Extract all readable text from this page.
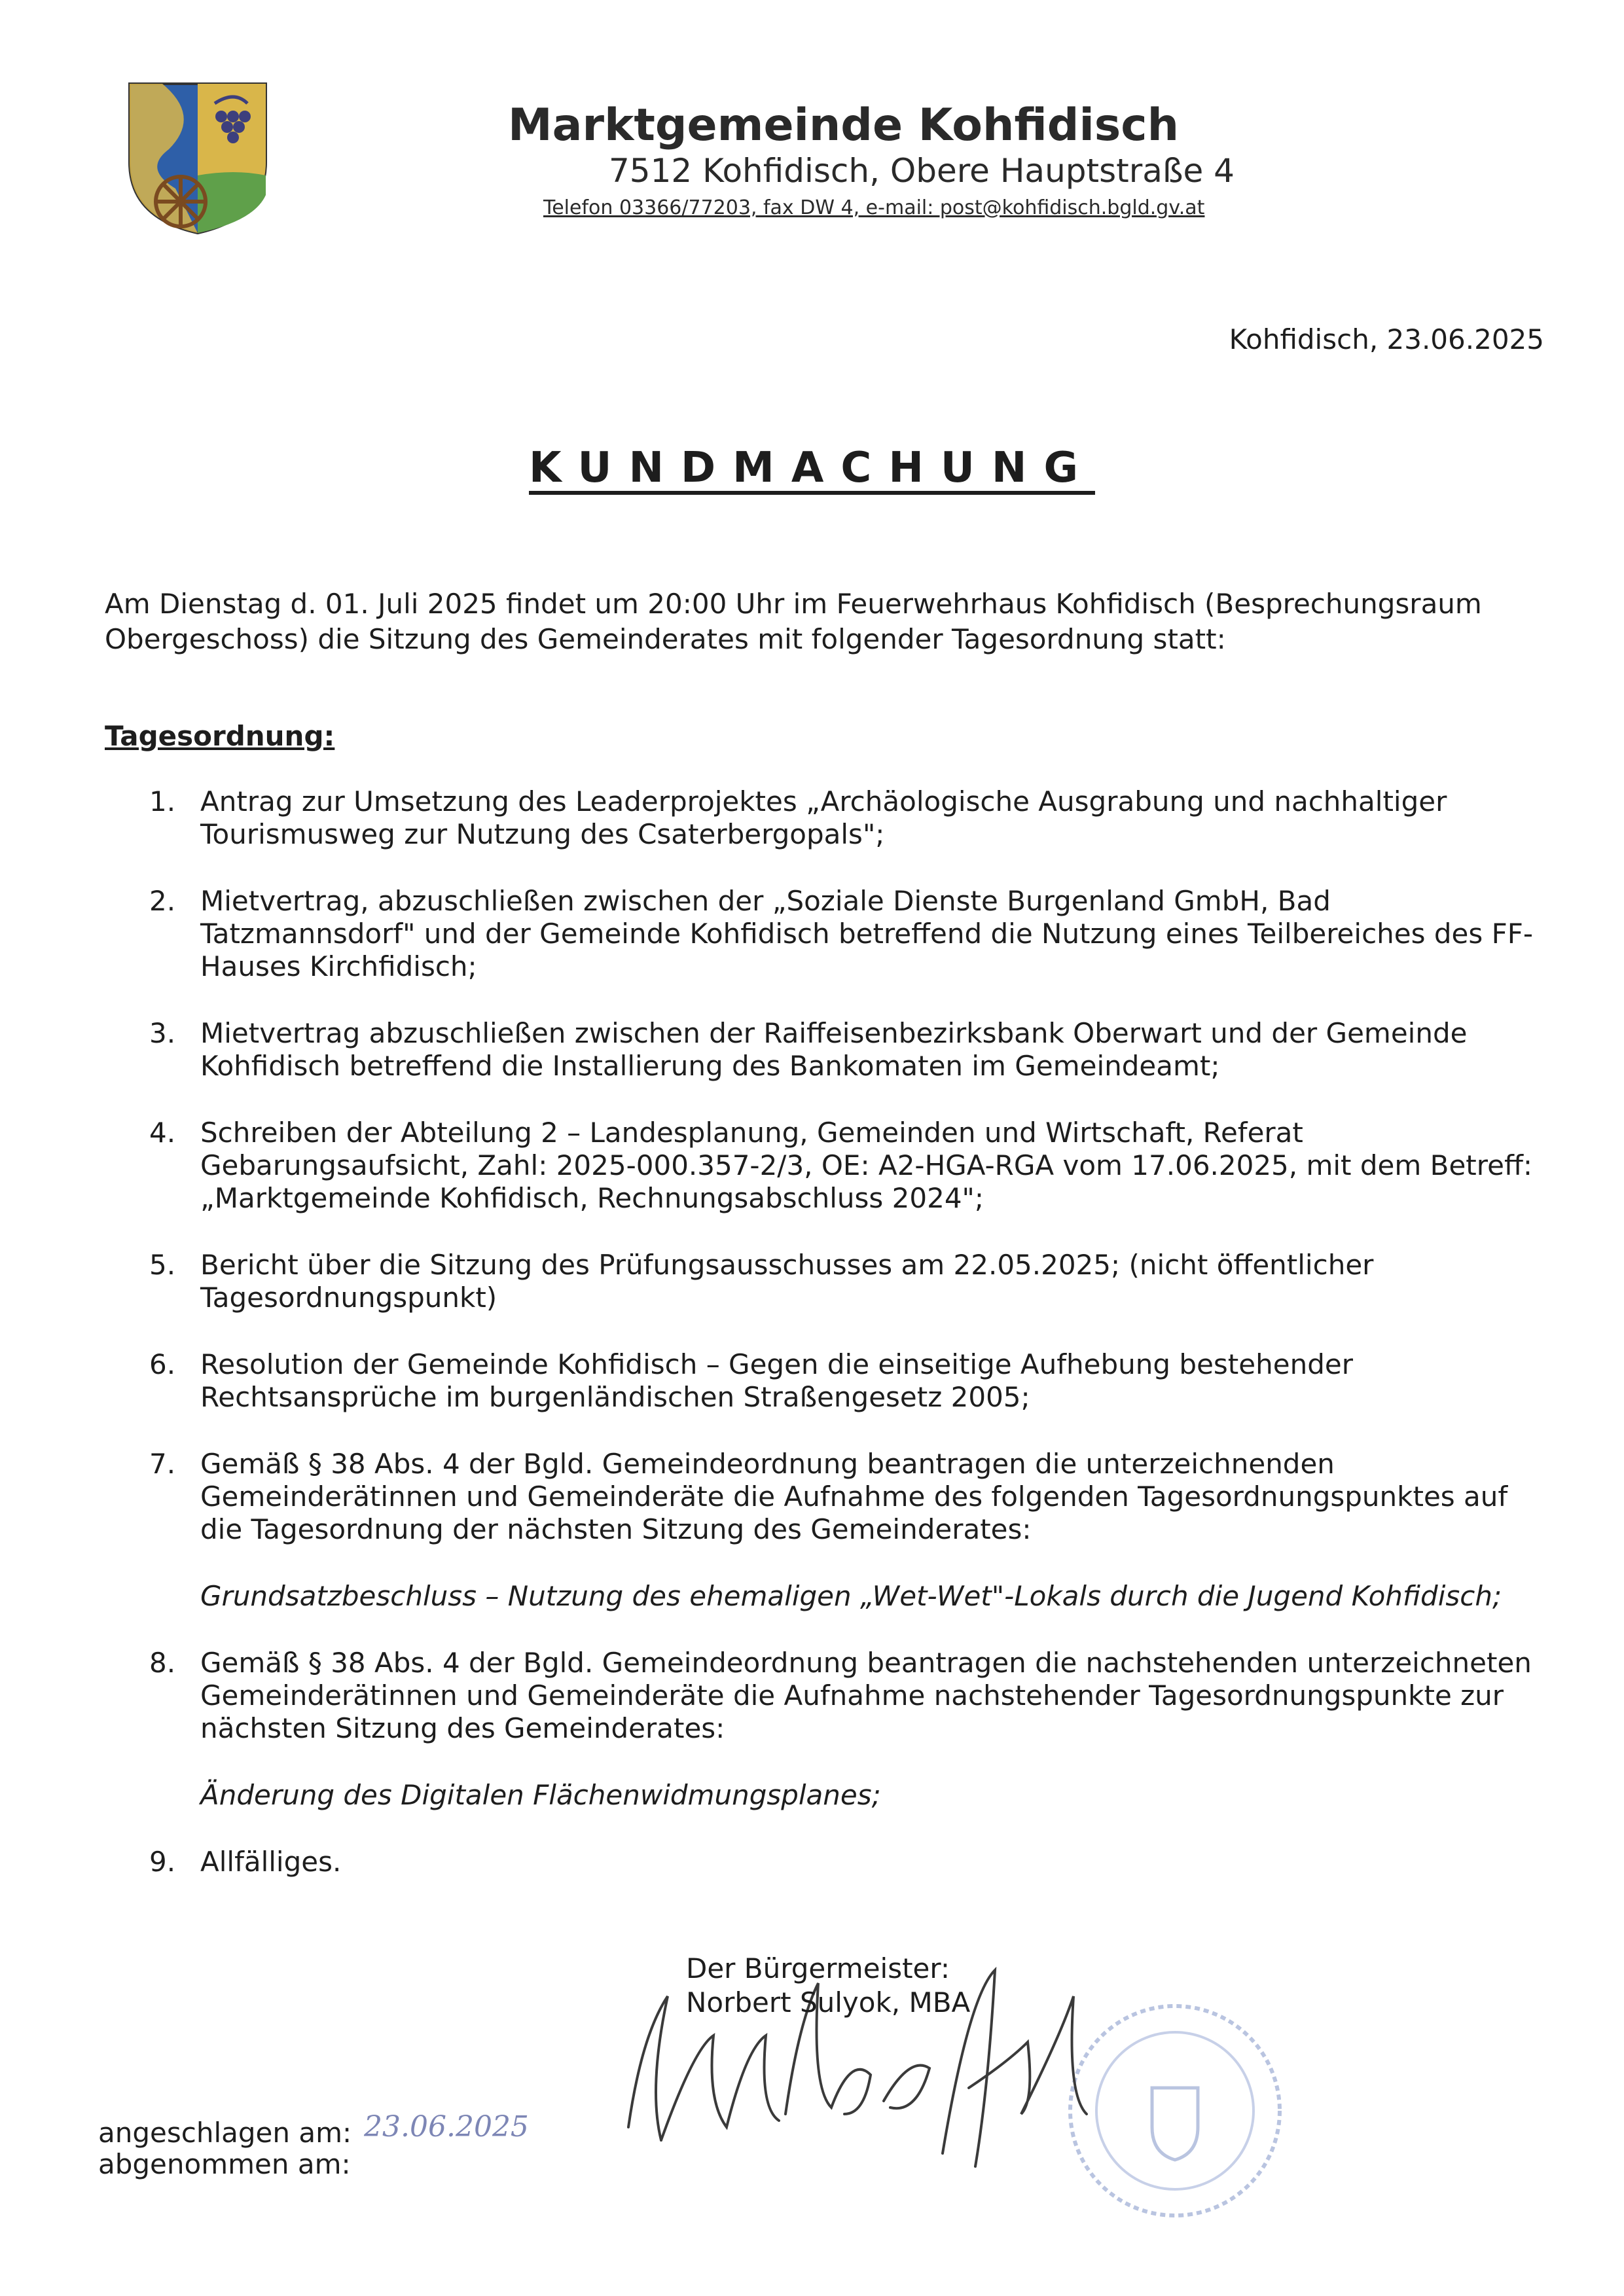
Marktgemeinde Kohfidisch
7512 Kohfidisch, Obere Hauptstraße 4
Telefon 03366/77203, fax DW 4, e-mail: post@kohfidisch.bgld.gv.at
Kohfidisch, 23.06.2025
KUNDMACHUNG
Am Dienstag d. 01. Juli 2025 findet um 20:00 Uhr im Feuerwehrhaus Kohfidisch (Besprechungsraum Obergeschoss) die Sitzung des Gemeinderates mit folgender Tagesordnung statt:
Tagesordnung:
1. Antrag zur Umsetzung des Leaderprojektes „Archäologische Ausgrabung und nachhaltiger Tourismusweg zur Nutzung des Csaterbergopals";
2. Mietvertrag, abzuschließen zwischen der „Soziale Dienste Burgenland GmbH, Bad Tatzmannsdorf" und der Gemeinde Kohfidisch betreffend die Nutzung eines Teilbereiches des FF-Hauses Kirchfidisch;
3. Mietvertrag abzuschließen zwischen der Raiffeisenbezirksbank Oberwart und der Gemeinde Kohfidisch betreffend die Installierung des Bankomaten im Gemeindeamt;
4. Schreiben der Abteilung 2 – Landesplanung, Gemeinden und Wirtschaft, Referat Gebarungsaufsicht, Zahl: 2025-000.357-2/3, OE: A2-HGA-RGA vom 17.06.2025, mit dem Betreff: „Marktgemeinde Kohfidisch, Rechnungsabschluss 2024";
5. Bericht über die Sitzung des Prüfungsausschusses am 22.05.2025; (nicht öffentlicher Tagesordnungspunkt)
6. Resolution der Gemeinde Kohfidisch – Gegen die einseitige Aufhebung bestehender Rechtsansprüche im burgenländischen Straßengesetz 2005;
7. Gemäß § 38 Abs. 4 der Bgld. Gemeindeordnung beantragen die unterzeichnenden Gemeinderätinnen und Gemeinderäte die Aufnahme des folgenden Tagesordnungspunktes auf die Tagesordnung der nächsten Sitzung des Gemeinderates:
Grundsatzbeschluss – Nutzung des ehemaligen „Wet-Wet"-Lokals durch die Jugend Kohfidisch;
8. Gemäß § 38 Abs. 4 der Bgld. Gemeindeordnung beantragen die nachstehenden unterzeichneten Gemeinderätinnen und Gemeinderäte die Aufnahme nachstehender Tagesordnungspunkte zur nächsten Sitzung des Gemeinderates:
Änderung des Digitalen Flächenwidmungsplanes;
9. Allfälliges.
Der Bürgermeister:
Norbert Sulyok, MBA
angeschlagen am: 23.06.2025
abgenommen am:
